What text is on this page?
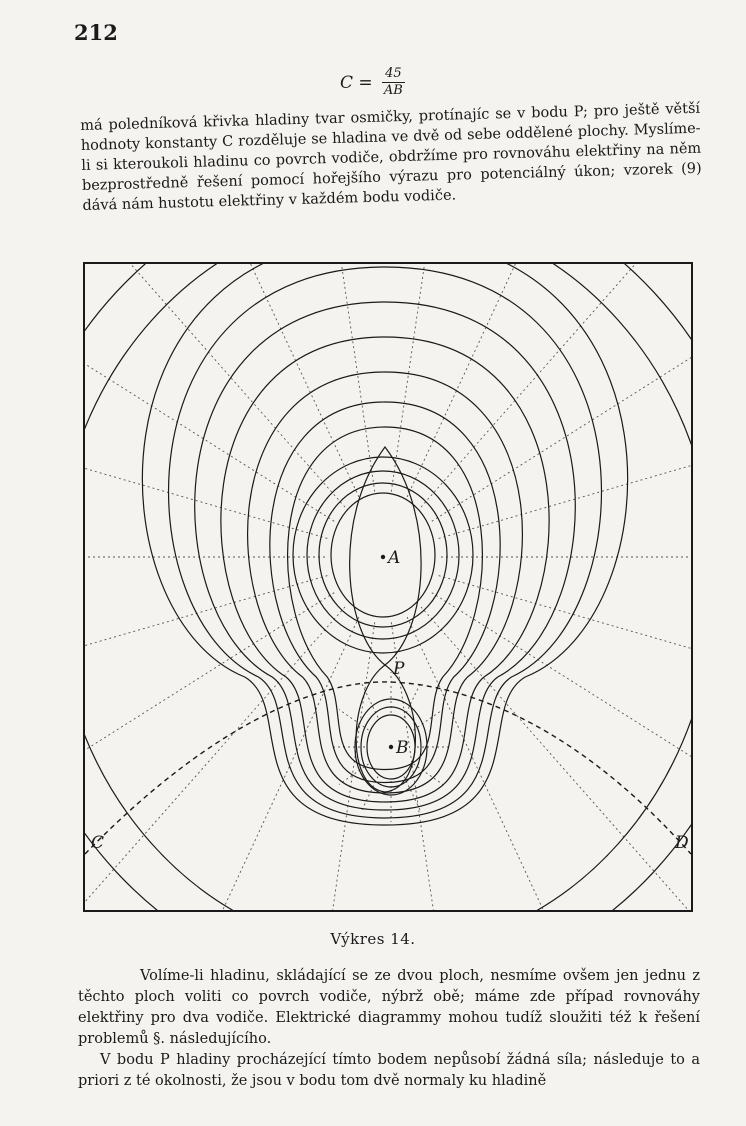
212
$C = \frac{45}{AB}$
má poledníková křivka hladiny tvar osmičky, protínajíc se v bodu P; pro ještě větší hodnoty konstanty C rozděluje se hladina ve dvě od sebe oddělené plochy. Myslíme-li si kteroukoli hladinu co povrch vodiče, obdržíme pro rovnováhu elektřiny na něm bezprostředně řešení pomocí hořejšího výrazu pro potenciálný úkon; vzorek (9) dává nám hustotu elektřiny v každém bodu vodiče.
A
B
P
C	D
Výkres 14.

Volíme-li hladinu, skládající se ze dvou ploch, nesmíme ovšem jen jednu z těchto ploch voliti co povrch vodiče, nýbrž obě; máme zde případ rovnováhy elektřiny pro dva vodiče. Elektrické diagrammy mohou tudíž sloužiti též k řešení problemů §. následujícího.

V bodu P hladiny procházející tímto bodem nepůsobí žádná síla; následuje to a priori z té okolnosti, že jsou v bodu tom dvě normaly ku hladině
